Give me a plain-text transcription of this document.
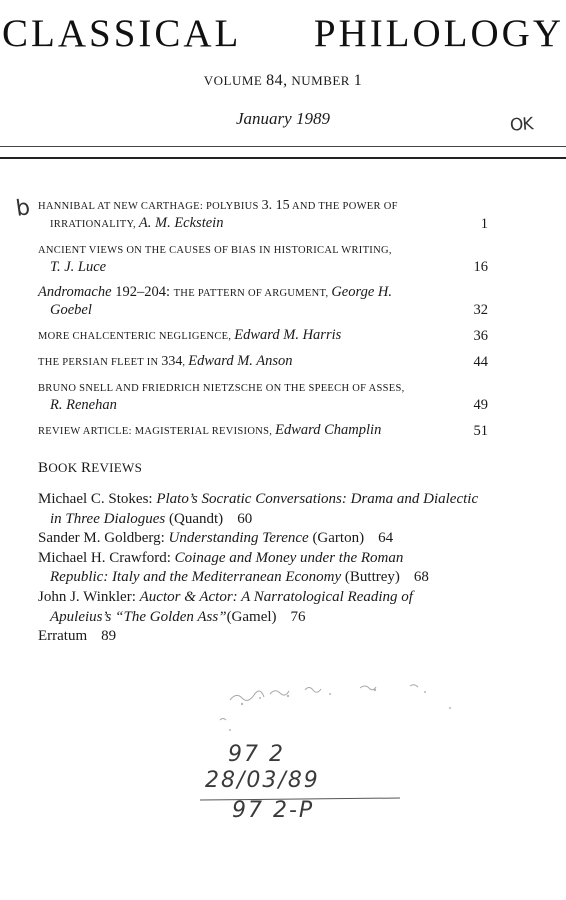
CLASSICAL PHILOLOGY
VOLUME 84, NUMBER 1
January 1989	OK
b HANNIBAL AT NEW CARTHAGE: POLYBIUS 3. 15 AND THE POWER OF
IRRATIONALITY, A. M. Eckstein	1
ANCIENT VIEWS ON THE CAUSES OF BIAS IN HISTORICAL WRITING,
T. J. Luce	16
Andromache 192–204: THE PATTERN OF ARGUMENT, George H.
Goebel	32
MORE CHALCENTERIC NEGLIGENCE, Edward M. Harris	36
THE PERSIAN FLEET IN 334, Edward M. Anson	44
BRUNO SNELL AND FRIEDRICH NIETZSCHE ON THE SPEECH OF ASSES,
R. Renehan	49
REVIEW ARTICLE: MAGISTERIAL REVISIONS, Edward Champlin	51
BOOK REVIEWS
Michael C. Stokes: Plato’s Socratic Conversations: Drama and Dialectic
in Three Dialogues (Quandt) 60
Sander M. Goldberg: Understanding Terence (Garton) 64
Michael H. Crawford: Coinage and Money under the Roman
Republic: Italy and the Mediterranean Economy (Buttrey) 68
John J. Winkler: Auctor & Actor: A Narratological Reading of
Apuleius’s “The Golden Ass”(Gamel) 76
Erratum 89
97 2
28/03/89
97 2-P
